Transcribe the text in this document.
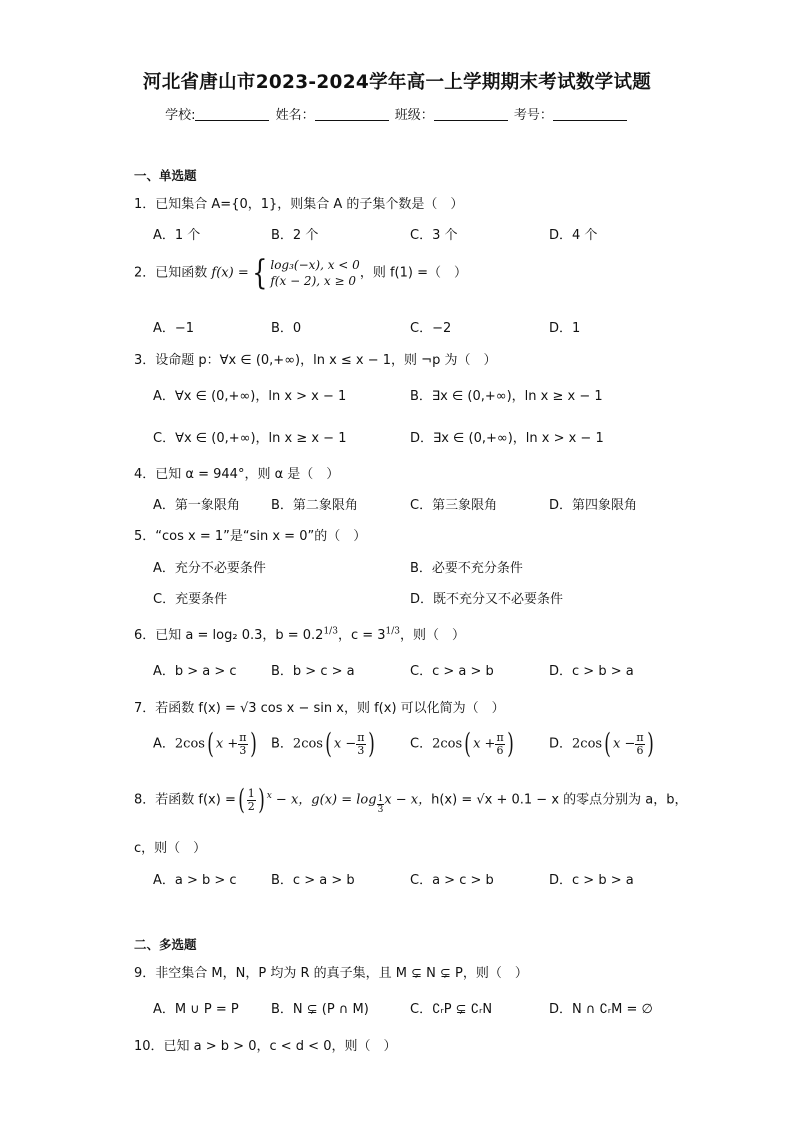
河北省唐山市2023-2024学年高一上学期期末考试数学试题
学校:	姓名：	班级：	考号：
一、单选题
1．已知集合 A={0，1}，则集合 A 的子集个数是（　）
A．1 个	B．2 个	C．3 个	D．4 个
2．已知函数 f(x) ={ log₃(−x), x < 0
f(x − 2), x ≥ 0
，则 f(1) =（　）
A．−1	B．0	C．−2	D．1
3．设命题 p：∀x ∈ (0,+∞)，ln x ≤ x − 1，则 ¬p 为（　）
A．∀x ∈ (0,+∞)，ln x > x − 1	B．∃x ∈ (0,+∞)，ln x ≥ x − 1
C．∀x ∈ (0,+∞)，ln x ≥ x − 1	D．∃x ∈ (0,+∞)，ln x > x − 1
4．已知 α = 944°，则 α 是（　）
A．第一象限角 B．第二象限角	C．第三象限角	D．第四象限角
5．“cos x = 1”是“sin x = 0”的（　）
A．充分不必要条件	B．必要不充分条件
C．充要条件	D．既不充分又不必要条件
6．已知 a = log₂ 0.3，$b = 0.2^{1/3}$，$c = 3^{1/3}$，则（　）
A．b > a > c	B．b > c > a	C．c > a > b	D．c > b > a
7．若函数 f(x) = √3 cos x − sin x，则 f(x) 可以化简为（　）
A．2cos( $x + \frac{\pi}{3}$ ) B．2cos( $x - \frac{\pi}{3}$ )	C．2cos( $x + \frac{\pi}{6}$ )	D．2cos( $x - \frac{\pi}{6}$ )
8．若函数 f(x) =( $\frac{1}{2}$ ) $^x$ − x，$g(x) = \log \frac{1}{3}$ x − x，h(x) = √x + 0.1 − x 的零点分别为 a，b，
c，则（　）
A．a > b > c	B．c > a > b	C．a > c > b	D．c > b > a
二、多选题
9．非空集合 M，N，P 均为 R 的真子集，且 M ⊊ N ⊊ P，则（　）
A．M ∪ P = P B．N ⊊ (P ∩ M)	C．∁ᵣP ⊊ ∁ᵣN	D．N ∩ ∁ᵣM = ∅
10．已知 a > b > 0，c < d < 0，则（　）
